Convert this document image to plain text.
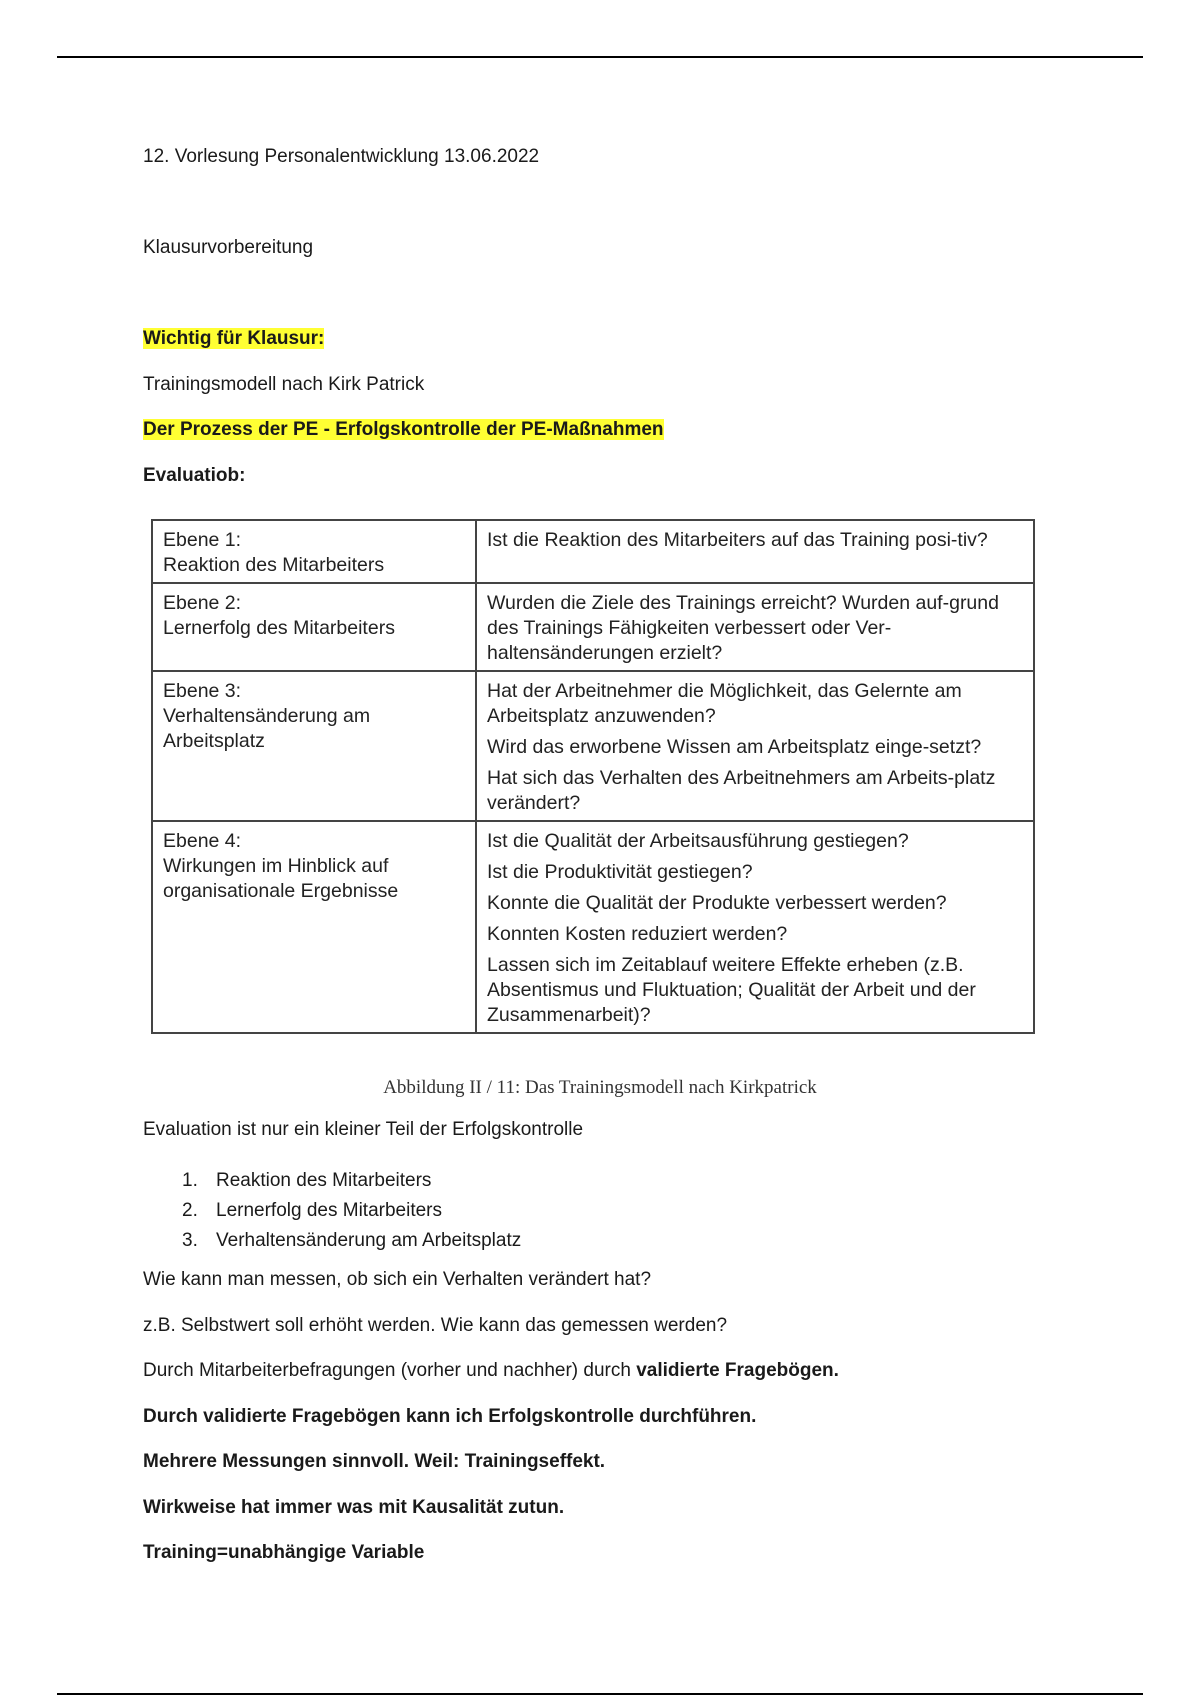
12. Vorlesung Personalentwicklung 13.06.2022
Klausurvorbereitung
Wichtig für Klausur:
Trainingsmodell nach Kirk Patrick
Der Prozess der PE - Erfolgskontrolle der PE-Maßnahmen
Evaluatiob:
Ebene 1:
Reaktion des Mitarbeiters	Ist die Reaktion des Mitarbeiters auf das Training posi-tiv?

Ebene 2:
Lernerfolg des Mitarbeiters	Wurden die Ziele des Trainings erreicht? Wurden auf-grund des Trainings Fähigkeiten verbessert oder Ver-haltensänderungen erzielt?

Ebene 3:
Verhaltensänderung am Arbeitsplatz	Hat der Arbeitnehmer die Möglichkeit, das Gelernte am Arbeitsplatz anzuwenden?
Wird das erworbene Wissen am Arbeitsplatz einge-setzt?
Hat sich das Verhalten des Arbeitnehmers am Arbeits-platz verändert?

Ebene 4:
Wirkungen im Hinblick auf organisationale Ergebnisse	Ist die Qualität der Arbeitsausführung gestiegen?
Ist die Produktivität gestiegen?
Konnte die Qualität der Produkte verbessert werden?
Konnten Kosten reduziert werden?
Lassen sich im Zeitablauf weitere Effekte erheben (z.B. Absentismus und Fluktuation; Qualität der Arbeit und der Zusammenarbeit)?
Abbildung II / 11: Das Trainingsmodell nach Kirkpatrick
Evaluation ist nur ein kleiner Teil der Erfolgskontrolle
1. Reaktion des Mitarbeiters
2. Lernerfolg des Mitarbeiters
3. Verhaltensänderung am Arbeitsplatz
Wie kann man messen, ob sich ein Verhalten verändert hat?
z.B. Selbstwert soll erhöht werden. Wie kann das gemessen werden?
Durch Mitarbeiterbefragungen (vorher und nachher) durch validierte Fragebögen.
Durch validierte Fragebögen kann ich Erfolgskontrolle durchführen.
Mehrere Messungen sinnvoll. Weil: Trainingseffekt.
Wirkweise hat immer was mit Kausalität zutun.
Training=unabhängige Variable
